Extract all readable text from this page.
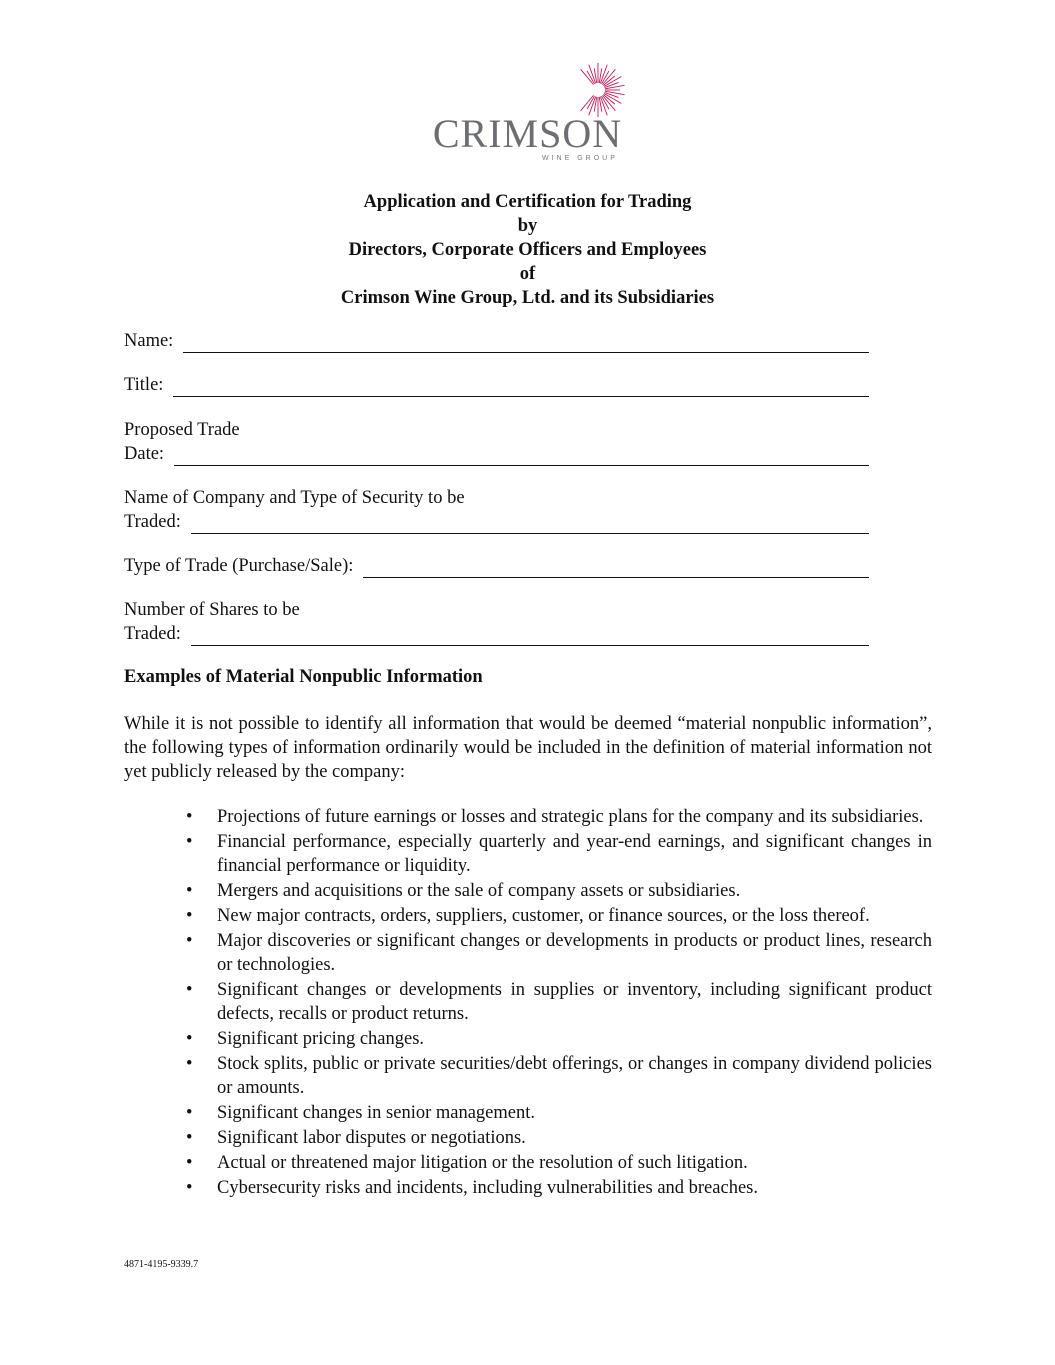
CRIMSON
WINE GROUP
Application and Certification for Trading
by
Directors, Corporate Officers and Employees
of
Crimson Wine Group, Ltd. and its Subsidiaries
Name:
Title:
Proposed Trade
Date:
Name of Company and Type of Security to be
Traded:
Type of Trade (Purchase/Sale):
Number of Shares to be
Traded:
Examples of Material Nonpublic Information
While it is not possible to identify all information that would be deemed “material nonpublic information”, the following types of information ordinarily would be included in the definition of material information not yet publicly released by the company:
• Projections of future earnings or losses and strategic plans for the company and its subsidiaries.
• Financial performance, especially quarterly and year-end earnings, and significant changes in financial performance or liquidity.
• Mergers and acquisitions or the sale of company assets or subsidiaries.
• New major contracts, orders, suppliers, customer, or finance sources, or the loss thereof.
• Major discoveries or significant changes or developments in products or product lines, research or technologies.
• Significant changes or developments in supplies or inventory, including significant product defects, recalls or product returns.
• Significant pricing changes.
• Stock splits, public or private securities/debt offerings, or changes in company dividend policies or amounts.
• Significant changes in senior management.
• Significant labor disputes or negotiations.
• Actual or threatened major litigation or the resolution of such litigation.
• Cybersecurity risks and incidents, including vulnerabilities and breaches.
4871-4195-9339.7
